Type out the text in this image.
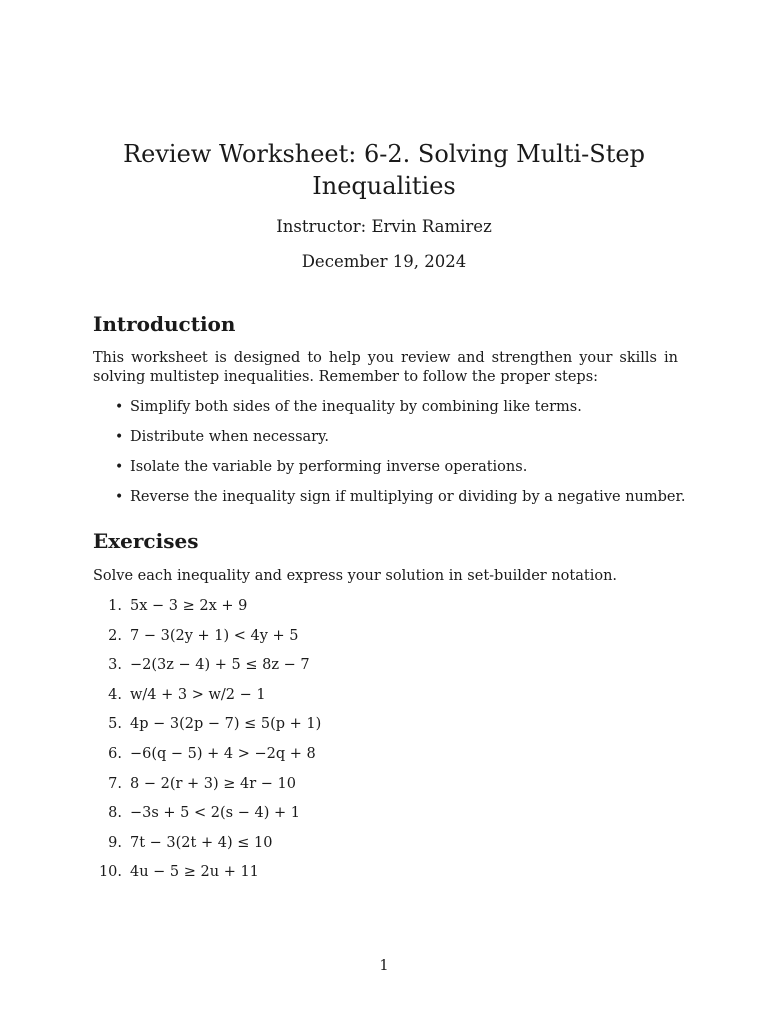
Review Worksheet: 6-2. Solving Multi-Step Inequalities
Instructor: Ervin Ramirez
December 19, 2024
Introduction
This worksheet is designed to help you review and strengthen your skills in solving multistep inequalities. Remember to follow the proper steps:
• Simplify both sides of the inequality by combining like terms.
• Distribute when necessary.
• Isolate the variable by performing inverse operations.
• Reverse the inequality sign if multiplying or dividing by a negative number.
Exercises
Solve each inequality and express your solution in set-builder notation.
1. 5x − 3 ≥ 2x + 9
2. 7 − 3(2y + 1) < 4y + 5
3. −2(3z − 4) + 5 ≤ 8z − 7
4. w/4 + 3 > w/2 − 1
5. 4p − 3(2p − 7) ≤ 5(p + 1)
6. −6(q − 5) + 4 > −2q + 8
7. 8 − 2(r + 3) ≥ 4r − 10
8. −3s + 5 < 2(s − 4) + 1
9. 7t − 3(2t + 4) ≤ 10
10. 4u − 5 ≥ 2u + 11
1
